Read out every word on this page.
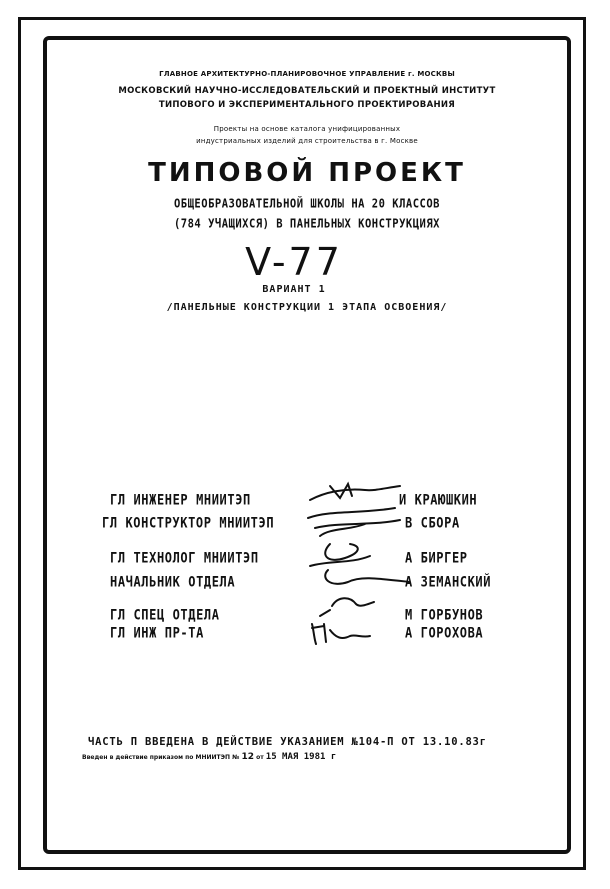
ГЛАВНОЕ АРХИТЕКТУРНО-ПЛАНИРОВОЧНОЕ УПРАВЛЕНИЕ г. МОСКВЫ
МОСКОВСКИЙ НАУЧНО-ИССЛЕДОВАТЕЛЬСКИЙ И ПРОЕКТНЫЙ ИНСТИТУТ
ТИПОВОГО И ЭКСПЕРИМЕНТАЛЬНОГО ПРОЕКТИРОВАНИЯ
Проекты на основе каталога унифицированных
индустриальных изделий для строительства в г. Москве
ТИПОВОЙ ПРОЕКТ
ОБЩЕОБРАЗОВАТЕЛЬНОЙ ШКОЛЫ НА 20 КЛАССОВ
(784 УЧАЩИХСЯ) В ПАНЕЛЬНЫХ КОНСТРУКЦИЯХ
V-77
ВАРИАНТ 1
/ПАНЕЛЬНЫЕ КОНСТРУКЦИИ 1 ЭТАПА ОСВОЕНИЯ/
ГЛ ИНЖЕНЕР МНИИТЭП	И КРАЮШКИН
ГЛ КОНСТРУКТОР МНИИТЭП	В СБОРА
ГЛ ТЕХНОЛОГ МНИИТЭП	А БИРГЕР
НАЧАЛЬНИК ОТДЕЛА	А ЗЕМАНСКИЙ
ГЛ СПЕЦ ОТДЕЛА	М ГОРБУНОВ
ГЛ ИНЖ ПР-ТА	А ГОРОХОВА
ЧАСТЬ П ВВЕДЕНА В ДЕЙСТВИЕ УКАЗАНИЕМ №104-П ОТ 13.10.83г
Введен в действие приказом по МНИИТЭП № 12 от 15 МАЯ 1981 г
